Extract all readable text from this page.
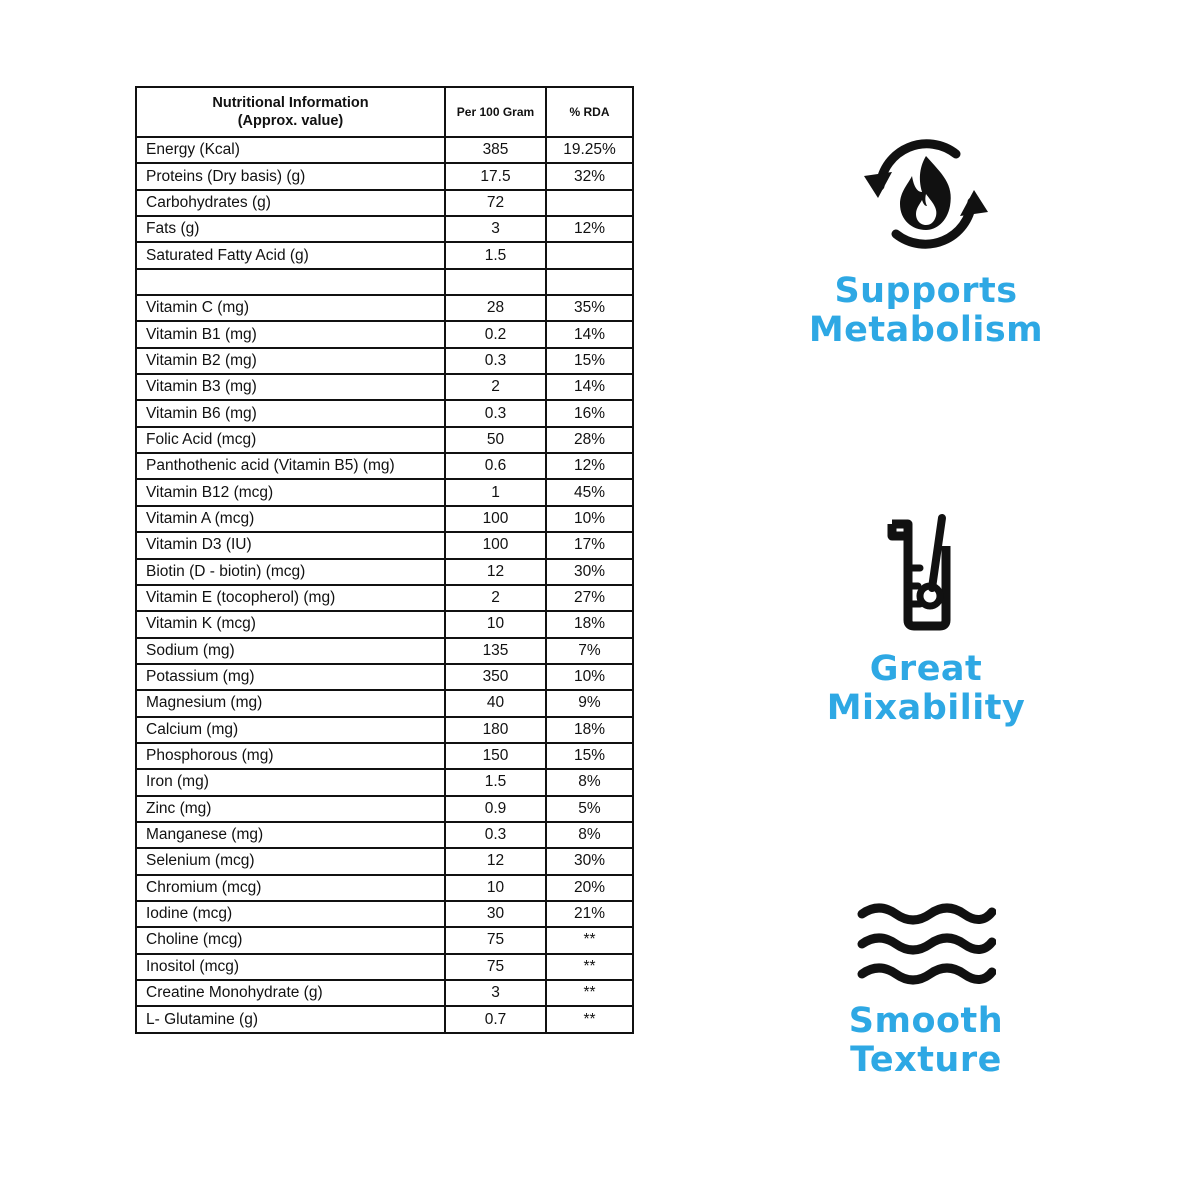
Nutritional Information
(Approx. value)	Per 100 Gram	% RDA
Energy (Kcal)	385	19.25%
Proteins (Dry basis) (g)	17.5	32%
Carbohydrates (g)	72	
Fats (g)	3	12%
Saturated Fatty Acid (g)	1.5	

Vitamin C (mg)	28	35%
Vitamin B1 (mg)	0.2	14%
Vitamin B2 (mg)	0.3	15%
Vitamin B3 (mg)	2	14%
Vitamin B6 (mg)	0.3	16%
Folic Acid (mcg)	50	28%
Panthothenic acid (Vitamin B5) (mg)	0.6	12%
Vitamin B12 (mcg)	1	45%
Vitamin A (mcg)	100	10%
Vitamin D3 (IU)	100	17%
Biotin (D - biotin) (mcg)	12	30%
Vitamin E (tocopherol) (mg)	2	27%
Vitamin K (mcg)	10	18%
Sodium (mg)	135	7%
Potassium (mg)	350	10%
Magnesium (mg)	40	9%
Calcium (mg)	180	18%
Phosphorous (mg)	150	15%
Iron (mg)	1.5	8%
Zinc (mg)	0.9	5%
Manganese (mg)	0.3	8%
Selenium (mcg)	12	30%
Chromium (mcg)	10	20%
Iodine (mcg)	30	21%
Choline (mcg)	75	**
Inositol (mcg)	75	**
Creatine Monohydrate (g)	3	**
L- Glutamine (g)	0.7	**
Supports
Metabolism
Great
Mixability
Smooth
Texture
